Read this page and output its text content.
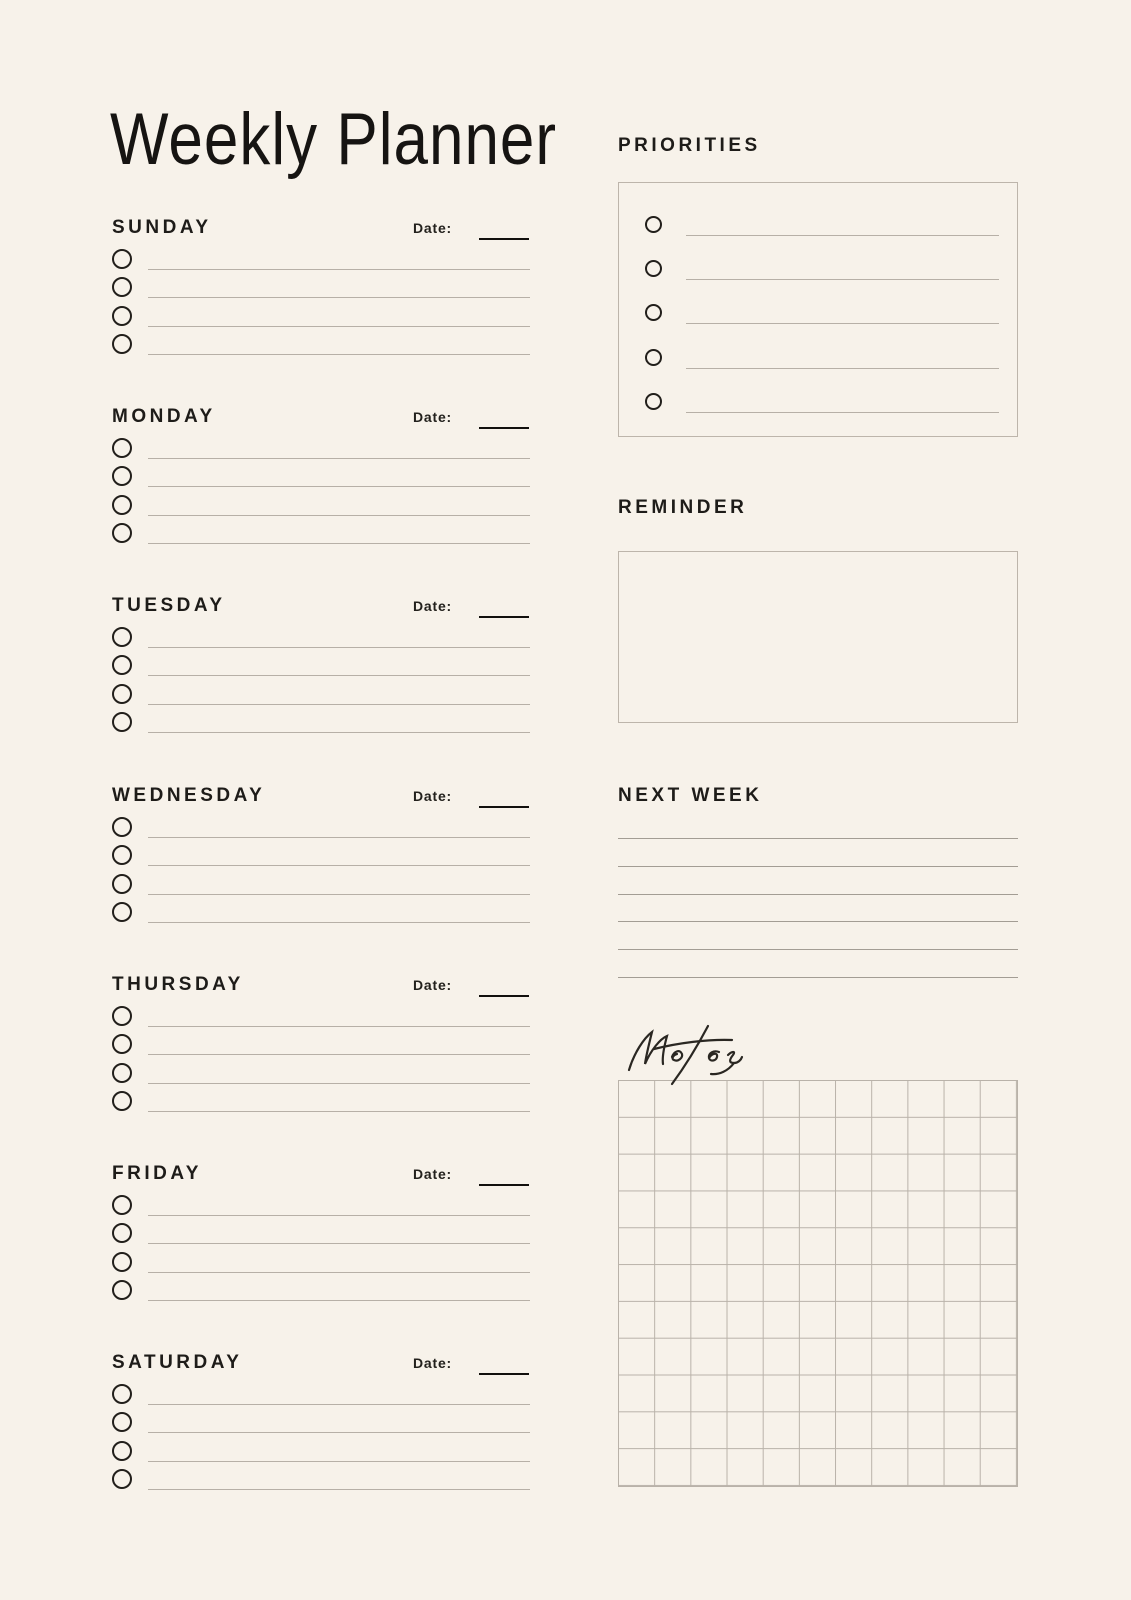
Weekly Planner
SUNDAY	Date:
MONDAY	Date:
TUESDAY	Date:
WEDNESDAY	Date:
THURSDAY	Date:
FRIDAY	Date:
SATURDAY	Date:
PRIORITIES
REMINDER
NEXT WEEK
